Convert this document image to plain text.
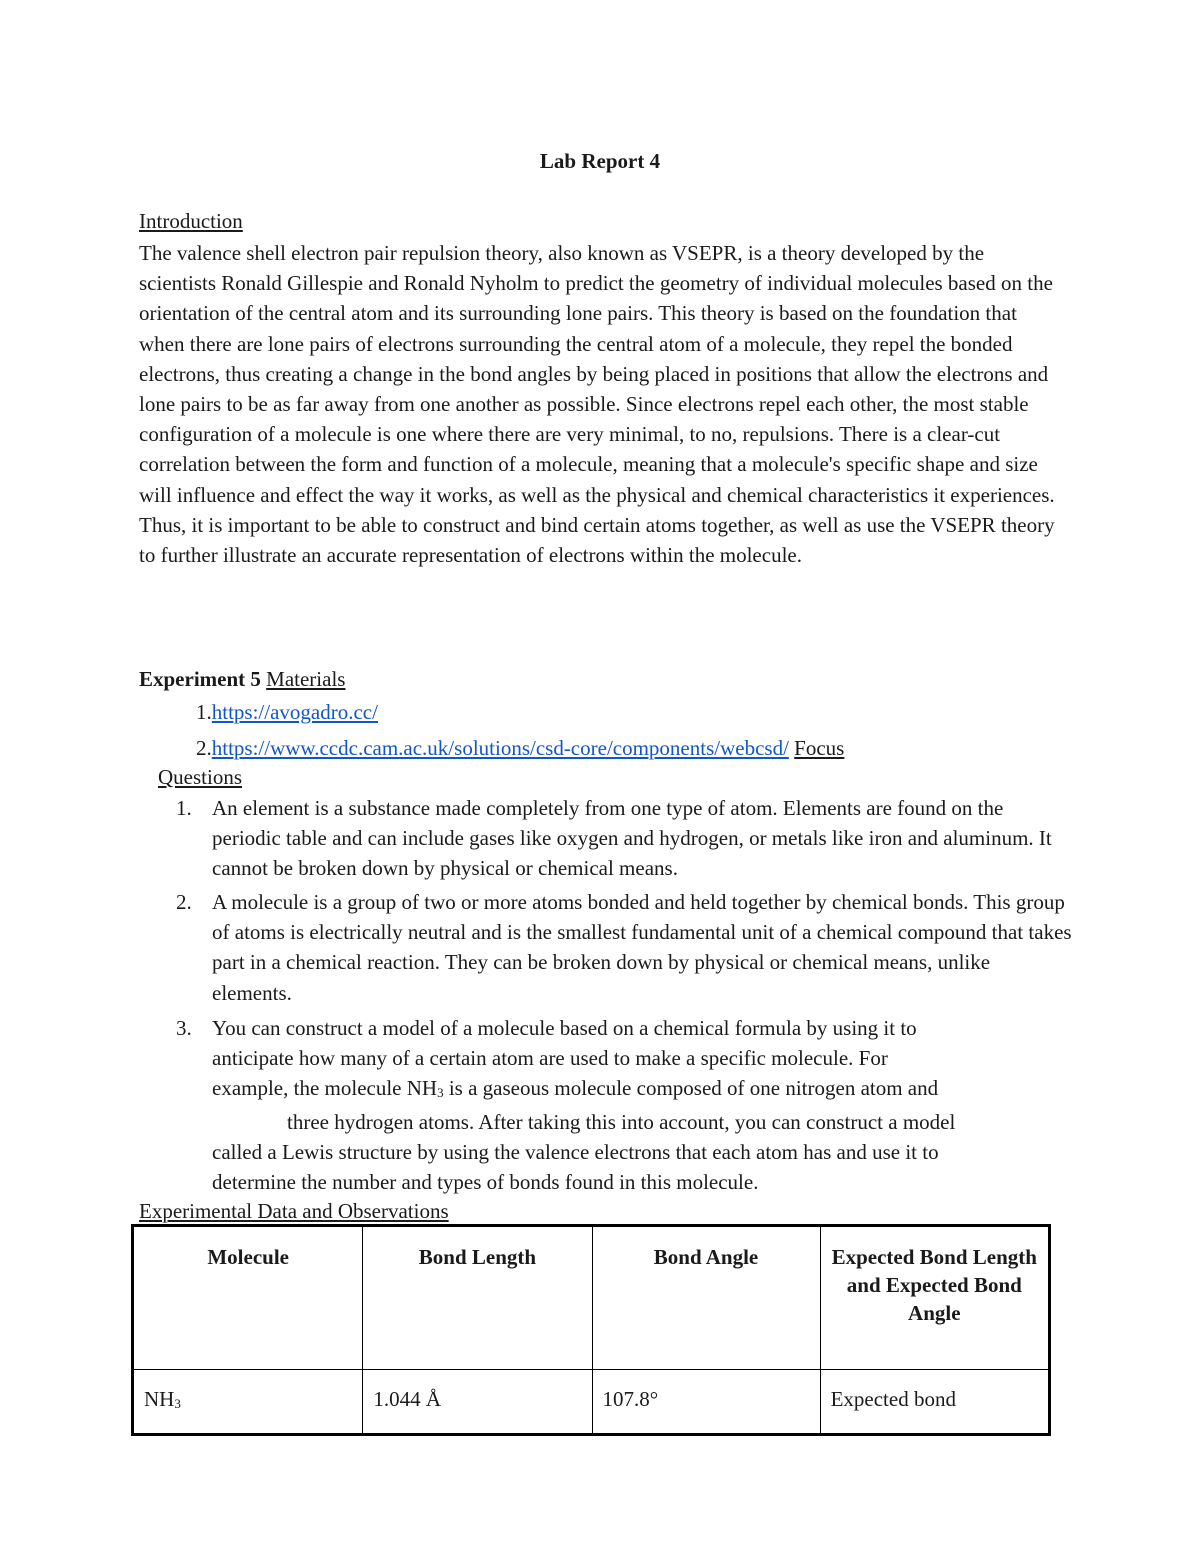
Lab Report 4
Introduction

The valence shell electron pair repulsion theory, also known as VSEPR, is a theory developed by the scientists Ronald Gillespie and Ronald Nyholm to predict the geometry of individual molecules based on the orientation of the central atom and its surrounding lone pairs. This theory is based on the foundation that when there are lone pairs of electrons surrounding the central atom of a molecule, they repel the bonded electrons, thus creating a change in the bond angles by being placed in positions that allow the electrons and lone pairs to be as far away from one another as possible. Since electrons repel each other, the most stable configuration of a molecule is one where there are very minimal, to no, repulsions. There is a clear-cut correlation between the form and function of a molecule, meaning that a molecule's specific shape and size will influence and effect the way it works, as well as the physical and chemical characteristics it experiences. Thus, it is important to be able to construct and bind certain atoms together, as well as use the VSEPR theory to further illustrate an accurate representation of electrons within the molecule.

Experiment 5 Materials
1.https://avogadro.cc/
2.https://www.ccdc.cam.ac.uk/solutions/csd-core/components/webcsd/ Focus
Questions
1. An element is a substance made completely from one type of atom. Elements are found on the periodic table and can include gases like oxygen and hydrogen, or metals like iron and aluminum. It cannot be broken down by physical or chemical means.
2. A molecule is a group of two or more atoms bonded and held together by chemical bonds. This group of atoms is electrically neutral and is the smallest fundamental unit of a chemical compound that takes part in a chemical reaction. They can be broken down by physical or chemical means, unlike elements.
3. You can construct a model of a molecule based on a chemical formula by using it to
anticipate how many of a certain atom are used to make a specific molecule. For
example, the molecule $NH_3$ is a gaseous molecule composed of one nitrogen atom and
three hydrogen atoms. After taking this into account, you can construct a model
called a Lewis structure by using the valence electrons that each atom has and use it to
determine the number and types of bonds found in this molecule.
Experimental Data and Observations
Molecule	Bond Length	Bond Angle	Expected Bond Length and Expected Bond Angle
$NH_3$	1.044 Å	107.8°	Expected bond
